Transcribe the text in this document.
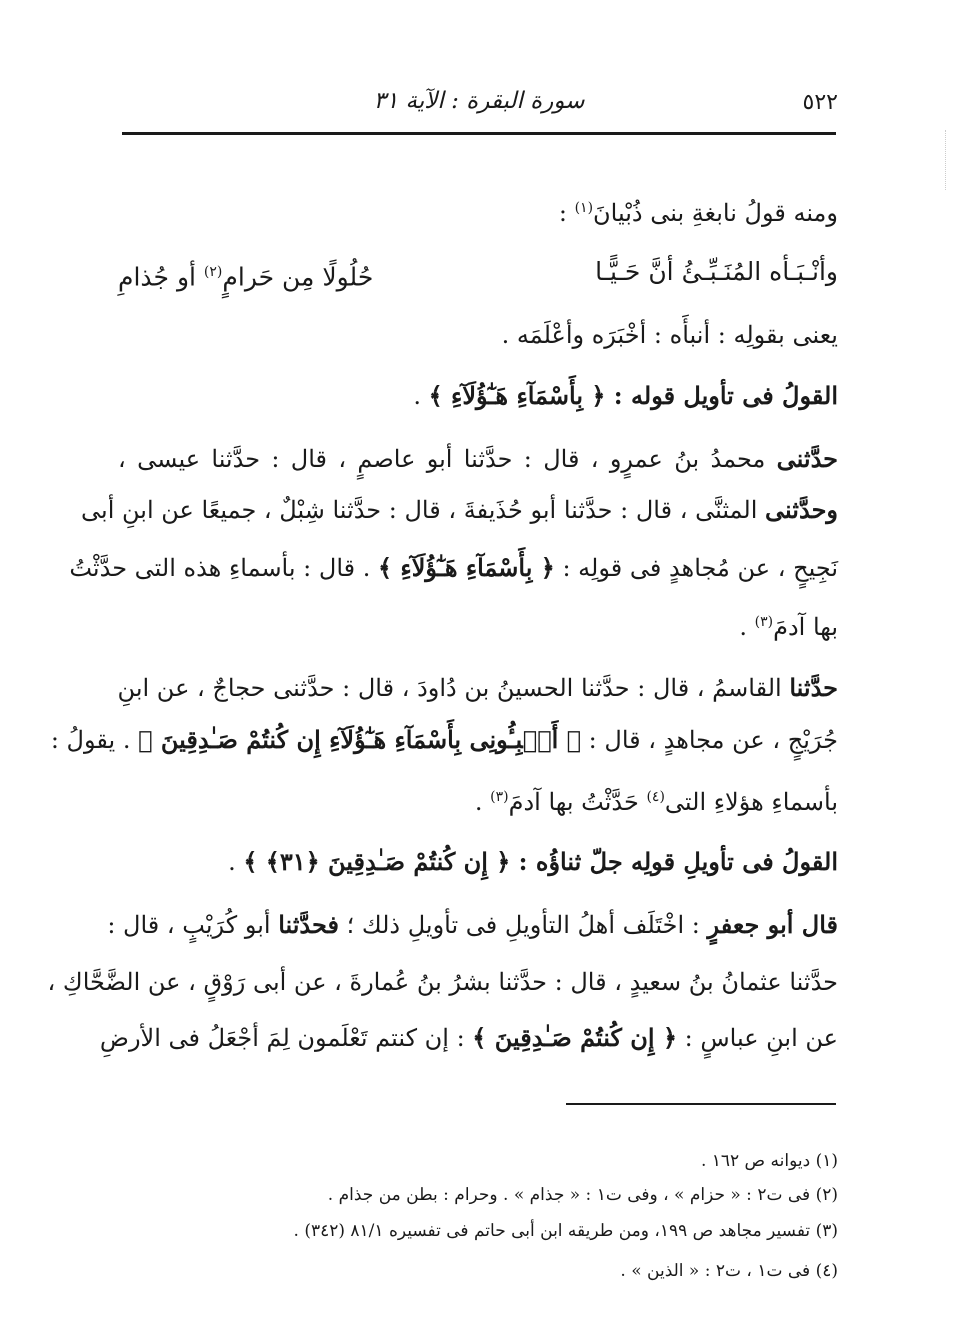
٥٢٢
سورة البقرة : الآية ٣١
ومنه قولُ نابغةِ بنى ذُبْيانَ$^{(١)}$ :
وأنْـبَـأه المُنَـبِّـئُ أنَّ حَـيًّـا
حُلُولًا مِن حَرامٍ$^{(٢)}$ أو جُذامِ
يعنى بقولِه : أنبأَه : أخْبَرَه وأعْلَمَه .
القولُ فى تأويل قوله : ﴿ بِأَسْمَآءِ هَـٰٓؤُلَآءِ ﴾ .
حدَّثنى محمدُ بنُ عمرٍو ، قال : حدَّثنا أبو عاصمٍ ، قال : حدَّثنا عيسى ،
وحدَّثنى المثنَّى ، قال : حدَّثنا أبو حُذَيفةَ ، قال : حدَّثنا شِبْلٌ ، جميعًا عن ابنِ أبى
نَجِيحٍ ، عن مُجاهدٍ فى قولِه : ﴿ بِأَسْمَآءِ هَـٰٓؤُلَآءِ ﴾ . قال : بأسماءِ هذه التى حدَّثْتُ
بها آدمَ$^{(٣)}$ .
حدَّثنا القاسمُ ، قال : حدَّثنا الحسينُ بن دُاودَ ، قال : حدَّثنى حجاجٌ ، عن ابنِ
جُرَيْجٍ ، عن مجاهدٍ ، قال : ﴿ أَنۢبِـُٔونِى بِأَسْمَآءِ هَـٰٓؤُلَآءِ إِن كُنتُمْ صَـٰدِقِينَ ﴾ . يقولُ :
بأسماءِ هؤلاءِ التى$^{(٤)}$ حَدَّثْتُ بها آدمَ$^{(٣)}$ .
القولُ فى تأويلِ قولِه جلّ ثناؤُه : ﴿ إِن كُنتُمْ صَـٰدِقِينَ ﴿٣١﴾ ﴾ .
قال أبو جعفرٍ : اخْتَلَف أهلُ التأويلِ فى تأويلِ ذلك ؛ فحدَّثنا أبو كُرَيْبٍ ، قال :
حدَّثنا عثمانُ بنُ سعيدٍ ، قال : حدَّثنا بشرُ بنُ عُمارةَ ، عن أبى رَوْقٍ ، عن الضَّحَّاكِ ،
عن ابنِ عباسٍ : ﴿ إِن كُنتُمْ صَـٰدِقِينَ ﴾ : إن كنتم تَعْلَمون لِمَ أجْعَلُ فى الأرضِ
(١) ديوانه ص ١٦٢ .
(٢) فى ت٢ : « حزام » ، وفى ت١ : « جذام » . وحرام : بطن من جذام .
(٣) تفسير مجاهد ص ١٩٩، ومن طريقه ابن أبى حاتم فى تفسيره ٨١/١ (٣٤٢) .
(٤) فى ت١ ، ت٢ : « الذين » .
